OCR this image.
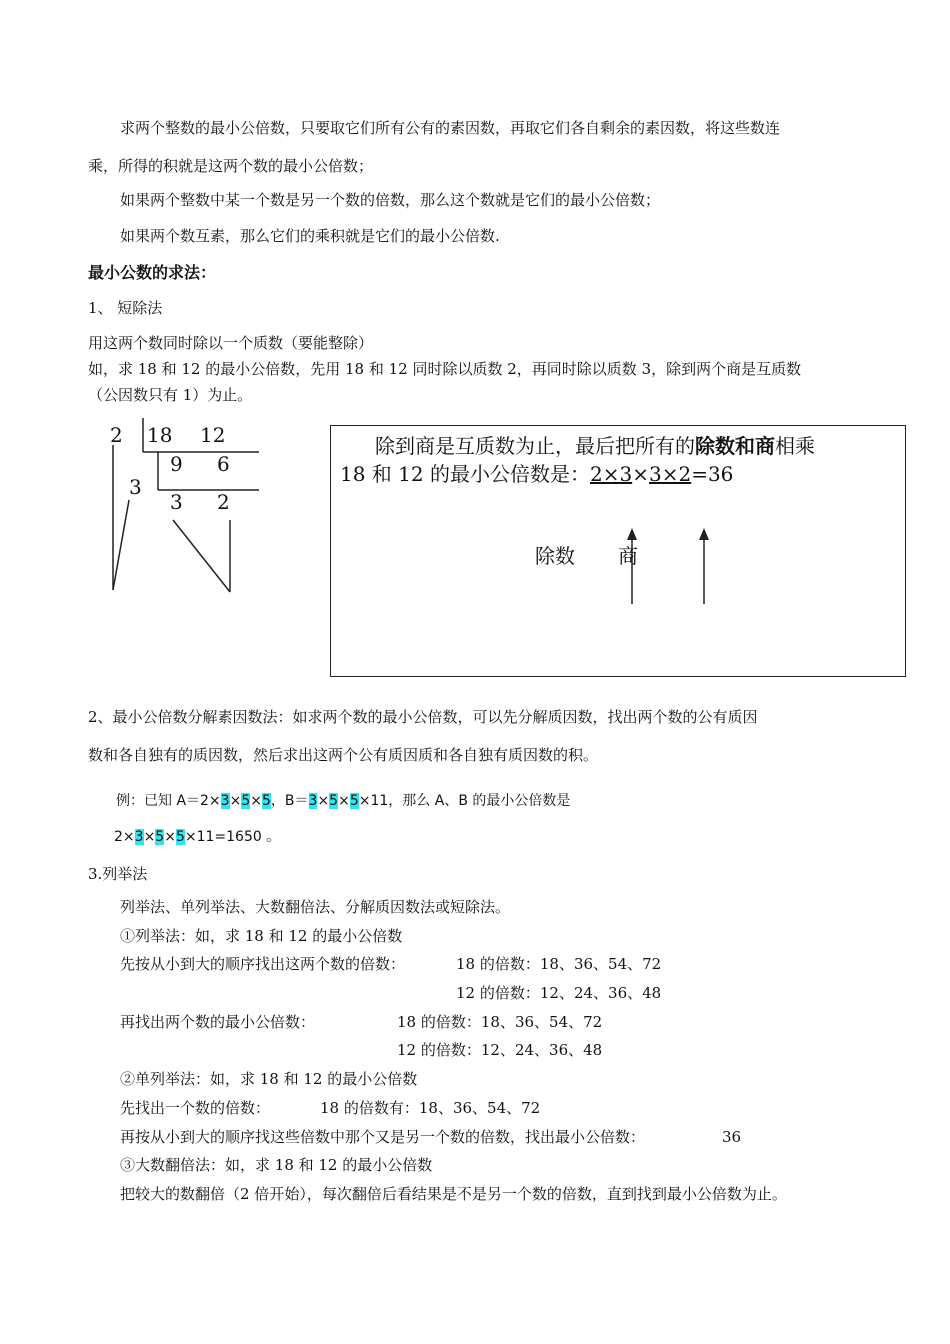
求两个整数的最小公倍数，只要取它们所有公有的素因数，再取它们各自剩余的素因数，将这些数连
乘，所得的积就是这两个数的最小公倍数；
如果两个整数中某一个数是另一个数的倍数，那么这个数就是它们的最小公倍数；
如果两个数互素，那么它们的乘积就是它们的最小公倍数.
最小公数的求法：
1、 短除法
用这两个数同时除以一个质数（要能整除）
如，求 18 和 12 的最小公倍数，先用 18 和 12 同时除以质数 2，再同时除以质数 3，除到两个商是互质数
（公因数只有 1）为止。
2 18 12
3
9 6
3 2
除到商是互质数为止，最后把所有的除数和商相乘
18 和 12 的最小公倍数是：2×3×3×2=36
除数 商
2、最小公倍数分解素因数法：如求两个数的最小公倍数，可以先分解质因数，找出两个数的公有质因
数和各自独有的质因数，然后求出这两个公有质因质和各自独有质因数的积。
例：已知 A＝2×3×5×5，B＝3×5×5×11，那么 A、B 的最小公倍数是
2×3×5×5×11=1650 。
3.列举法
列举法、单列举法、大数翻倍法、分解质因数法或短除法。
①列举法：如，求 18 和 12 的最小公倍数
先按从小到大的顺序找出这两个数的倍数：	18 的倍数：18、36、54、72
12 的倍数：12、24、36、48
再找出两个数的最小公倍数：	18 的倍数：18、36、54、72
12 的倍数：12、24、36、48
②单列举法：如，求 18 和 12 的最小公倍数
先找出一个数的倍数：	18 的倍数有：18、36、54、72
再按从小到大的顺序找这些倍数中那个又是另一个数的倍数，找出最小公倍数：	36
③大数翻倍法：如，求 18 和 12 的最小公倍数
把较大的数翻倍（2 倍开始），每次翻倍后看结果是不是另一个数的倍数，直到找到最小公倍数为止。
